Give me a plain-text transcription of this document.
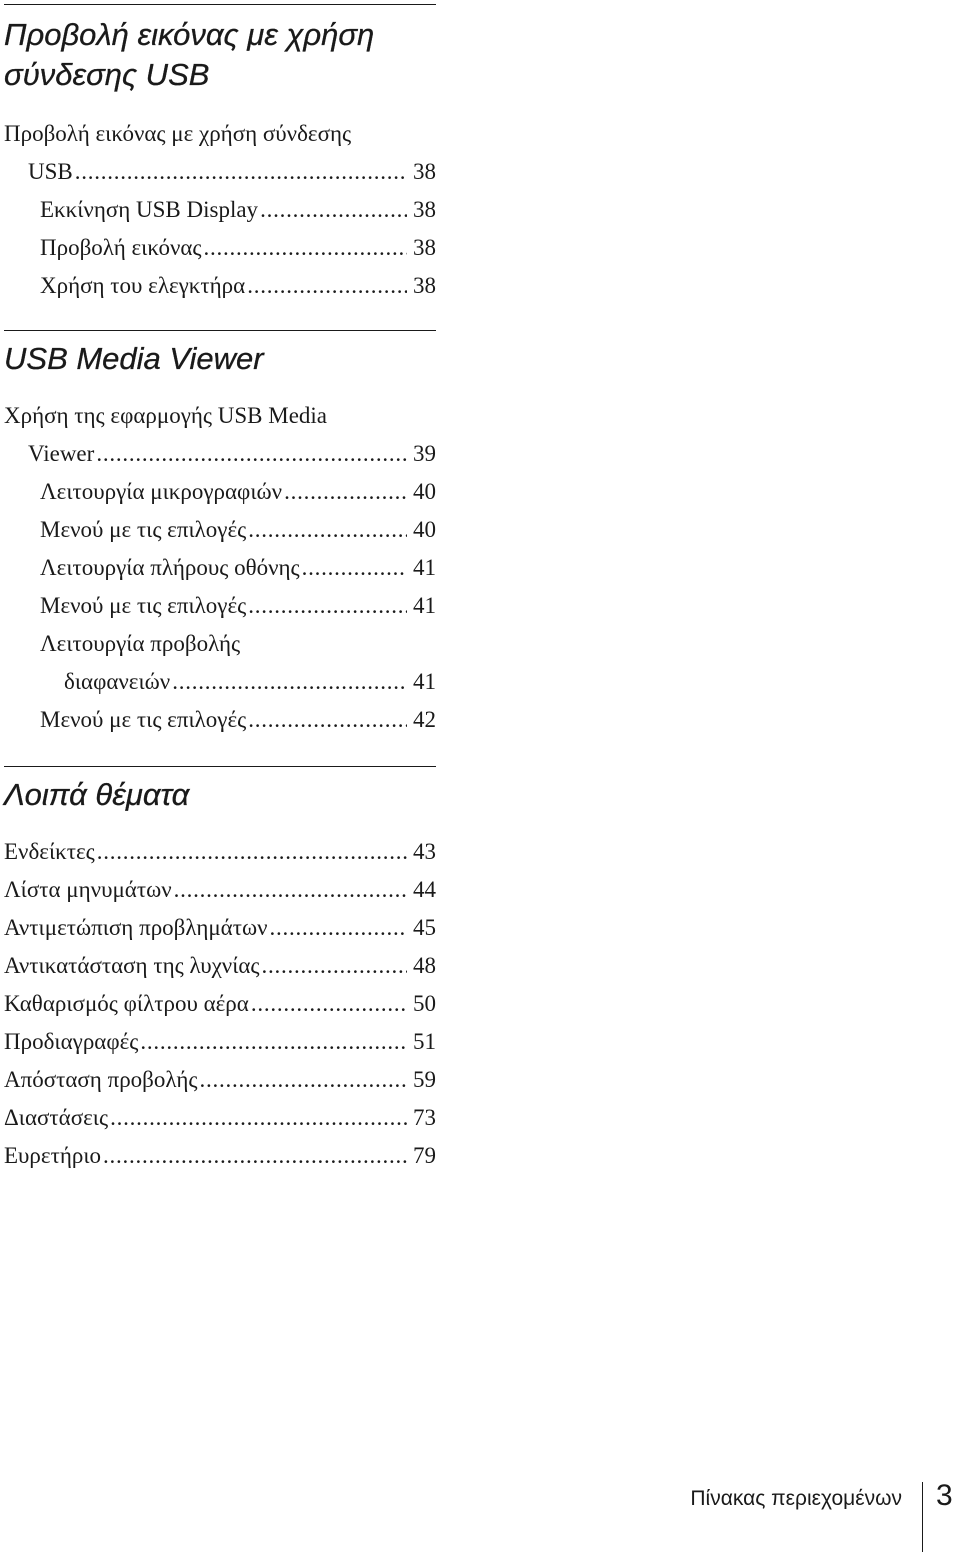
Προβολή εικόνας με χρήση
σύνδεσης USB
Προβολή εικόνας με χρήση σύνδεσης
USB . . .	38
Εκκίνηση USB Display . . .	38
Προβολή εικόνας . . .	38
Χρήση του ελεγκτήρα . . .	38
USB Media Viewer
Χρήση της εφαρμογής USB Media
Viewer . . .	39
Λειτουργία μικρογραφιών . . .	40
Μενού με τις επιλογές . . .	40
Λειτουργία πλήρους οθόνης . . .	41
Μενού με τις επιλογές . . .	41
Λειτουργία προβολής
διαφανειών . . .	41
Μενού με τις επιλογές . . .	42
Λοιπά θέματα
Ενδείκτες . . .	43
Λίστα μηνυμάτων . . .	44
Αντιμετώπιση προβλημάτων . . .	45
Αντικατάσταση της λυχνίας . . .	48
Καθαρισμός φίλτρου αέρα . . .	50
Προδιαγραφές . . .	51
Απόσταση προβολής . . .	59
Διαστάσεις . . .	73
Ευρετήριο . . .	79
Πίνακας περιεχομένων 3
